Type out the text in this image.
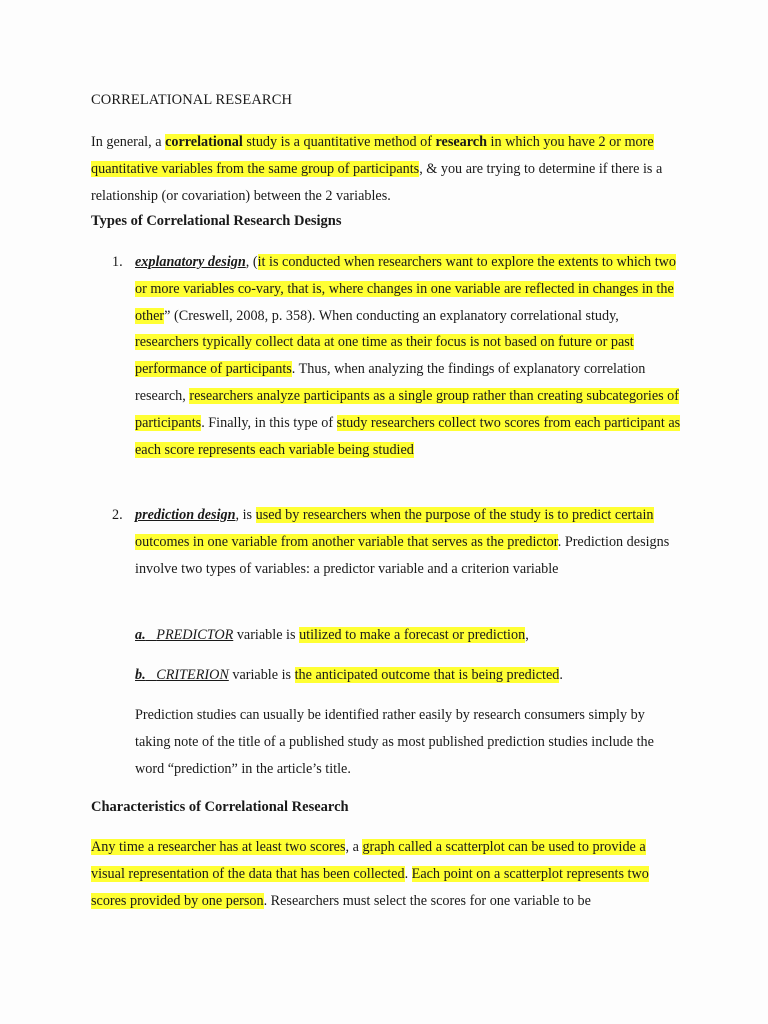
CORRELATIONAL RESEARCH

In general, a correlational study is a quantitative method of research in which you have 2 or more quantitative variables from the same group of participants, & you are trying to determine if there is a relationship (or covariation) between the 2 variables.

Types of Correlational Research Designs
1. explanatory design, (it is conducted when researchers want to explore the extents to which two or more variables co-vary, that is, where changes in one variable are reflected in changes in the other” (Creswell, 2008, p. 358). When conducting an explanatory correlational study, researchers typically collect data at one time as their focus is not based on future or past performance of participants. Thus, when analyzing the findings of explanatory correlation research, researchers analyze participants as a single group rather than creating subcategories of participants. Finally, in this type of study researchers collect two scores from each participant as each score represents each variable being studied

2. prediction design, is used by researchers when the purpose of the study is to predict certain outcomes in one variable from another variable that serves as the predictor. Prediction designs involve two types of variables: a predictor variable and a criterion variable

a. PREDICTOR variable is utilized to make a forecast or prediction,
b. CRITERION variable is the anticipated outcome that is being predicted.

Prediction studies can usually be identified rather easily by research consumers simply by taking note of the title of a published study as most published prediction studies include the word “prediction” in the article’s title.

Characteristics of Correlational Research

Any time a researcher has at least two scores, a graph called a scatterplot can be used to provide a visual representation of the data that has been collected. Each point on a scatterplot represents two scores provided by one person. Researchers must select the scores for one variable to be
